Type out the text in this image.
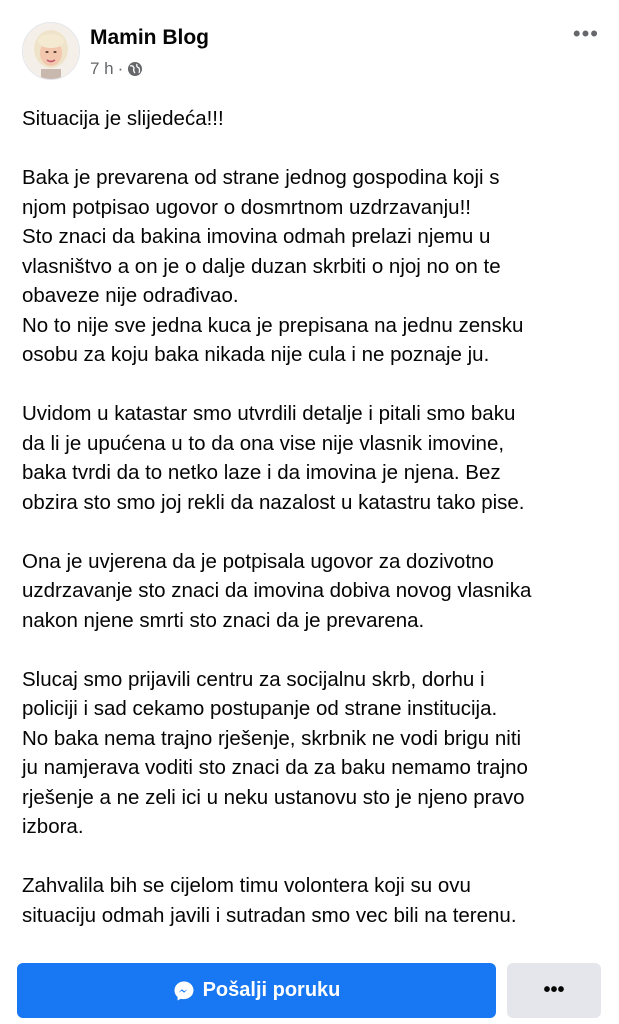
Mamin Blog
7 h ·
•••

Situacija je slijedeća!!!

Baka je prevarena od strane jednog gospodina koji s
njom potpisao ugovor o dosmrtnom uzdrzavanju!!
Sto znaci da bakina imovina odmah prelazi njemu u
vlasništvo a on je o dalje duzan skrbiti o njoj no on te
obaveze nije odrađivao.
No to nije sve jedna kuca je prepisana na jednu zensku
osobu za koju baka nikada nije cula i ne poznaje ju.

Uvidom u katastar smo utvrdili detalje i pitali smo baku
da li je upućena u to da ona vise nije vlasnik imovine,
baka tvrdi da to netko laze i da imovina je njena. Bez
obzira sto smo joj rekli da nazalost u katastru tako pise.

Ona je uvjerena da je potpisala ugovor za dozivotno
uzdrzavanje sto znaci da imovina dobiva novog vlasnika
nakon njene smrti sto znaci da je prevarena.

Slucaj smo prijavili centru za socijalnu skrb, dorhu i
policiji i sad cekamo postupanje od strane institucija.
No baka nema trajno rješenje, skrbnik ne vodi brigu niti
ju namjerava voditi sto znaci da za baku nemamo trajno
rješenje a ne zeli ici u neku ustanovu sto je njeno pravo
izbora.

Zahvalila bih se cijelom timu volontera koji su ovu
situaciju odmah javili i sutradan smo vec bili na terenu.

Pošalji poruku	•••
